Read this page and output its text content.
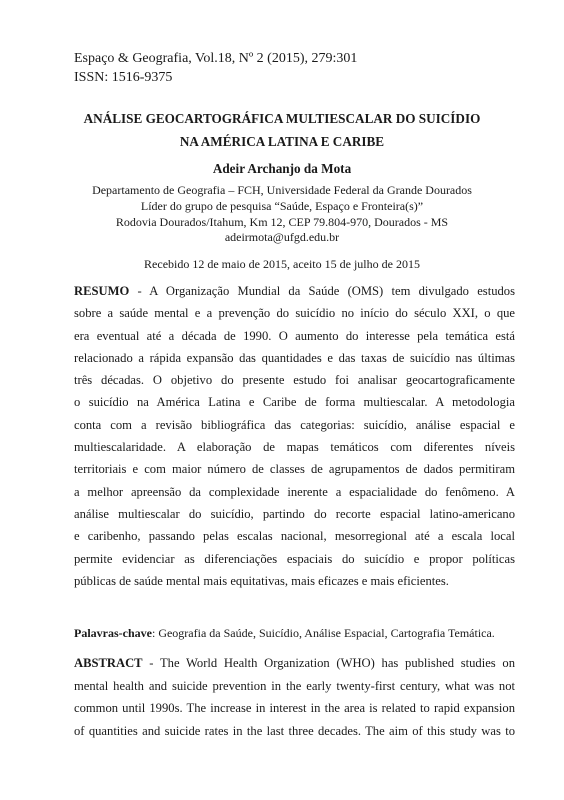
Espaço & Geografia, Vol.18, Nº 2 (2015), 279:301
ISSN: 1516-9375
ANÁLISE GEOCARTOGRÁFICA MULTIESCALAR DO SUICÍDIO
NA AMÉRICA LATINA E CARIBE
Adeir Archanjo da Mota
Departamento de Geografia – FCH, Universidade Federal da Grande Dourados
Líder do grupo de pesquisa “Saúde, Espaço e Fronteira(s)”
Rodovia Dourados/Itahum, Km 12, CEP 79.804-970, Dourados - MS
adeirmota@ufgd.edu.br
Recebido 12 de maio de 2015, aceito 15 de julho de 2015
RESUMO - A Organização Mundial da Saúde (OMS) tem divulgado estudos
sobre a saúde mental e a prevenção do suicídio no início do século XXI, o que
era eventual até a década de 1990. O aumento do interesse pela temática está
relacionado a rápida expansão das quantidades e das taxas de suicídio nas últimas
três décadas. O objetivo do presente estudo foi analisar geocartograficamente
o suicídio na América Latina e Caribe de forma multiescalar. A metodologia
conta com a revisão bibliográfica das categorias: suicídio, análise espacial e
multiescalaridade. A elaboração de mapas temáticos com diferentes níveis
territoriais e com maior número de classes de agrupamentos de dados permitiram
a melhor apreensão da complexidade inerente a espacialidade do fenômeno. A
análise multiescalar do suicídio, partindo do recorte espacial latino-americano
e caribenho, passando pelas escalas nacional, mesorregional até a escala local
permite evidenciar as diferenciações espaciais do suicídio e propor políticas
públicas de saúde mental mais equitativas, mais eficazes e mais eficientes.
Palavras-chave: Geografia da Saúde, Suicídio, Análise Espacial, Cartografia Temática.
ABSTRACT - The World Health Organization (WHO) has published studies on
mental health and suicide prevention in the early twenty-first century, what was not
common until 1990s. The increase in interest in the area is related to rapid expansion
of quantities and suicide rates in the last three decades. The aim of this study was to
